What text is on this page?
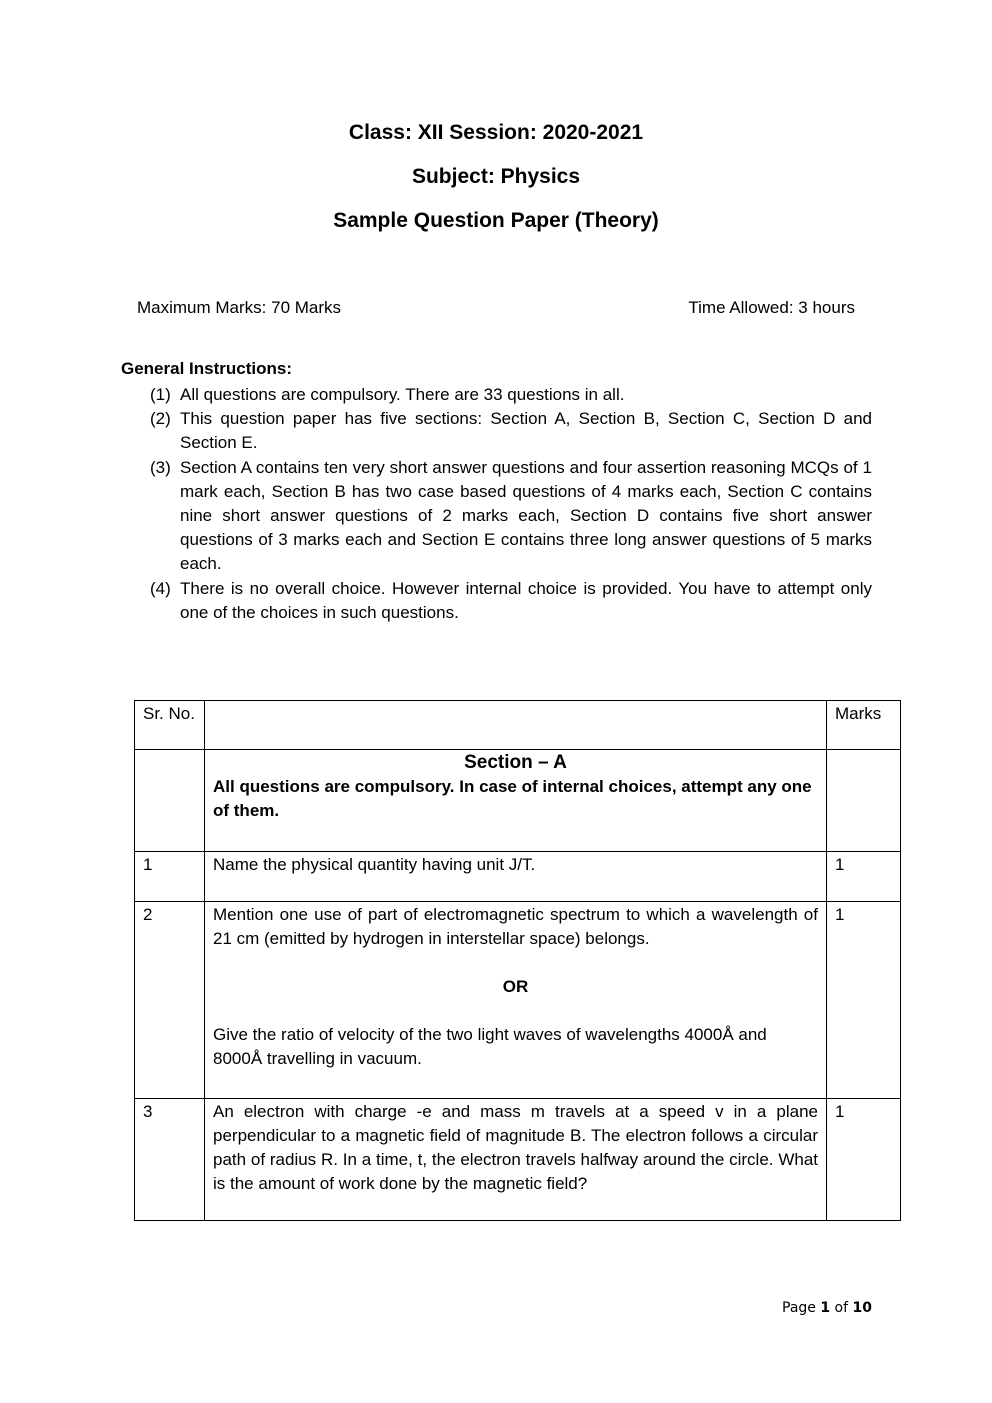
Class: XII Session: 2020-2021
Subject: Physics
Sample Question Paper (Theory)
Maximum Marks: 70 Marks	Time Allowed: 3 hours
General Instructions:
(1) All questions are compulsory. There are 33 questions in all.
(2) This question paper has five sections: Section A, Section B, Section C, Section D and Section E.
(3) Section A contains ten very short answer questions and four assertion reasoning MCQs of 1 mark each, Section B has two case based questions of 4 marks each, Section C contains nine short answer questions of 2 marks each, Section D contains five short answer questions of 3 marks each and Section E contains three long answer questions of 5 marks each.
(4) There is no overall choice. However internal choice is provided. You have to attempt only one of the choices in such questions.
Sr. No.		Marks

	Section – A
All questions are compulsory. In case of internal choices, attempt any one of them.	

1	Name the physical quantity having unit J/T.	1
2	Mention one use of part of electromagnetic spectrum to which a wavelength of 21 cm (emitted by hydrogen in interstellar space) belongs.
OR
Give the ratio of velocity of the two light waves of wavelengths 4000Å and 8000Å travelling in vacuum.	1
3	An electron with charge -e and mass m travels at a speed v in a plane perpendicular to a magnetic field of magnitude B. The electron follows a circular path of radius R. In a time, t, the electron travels halfway around the circle. What is the amount of work done by the magnetic field?	1
Page 1 of 10
